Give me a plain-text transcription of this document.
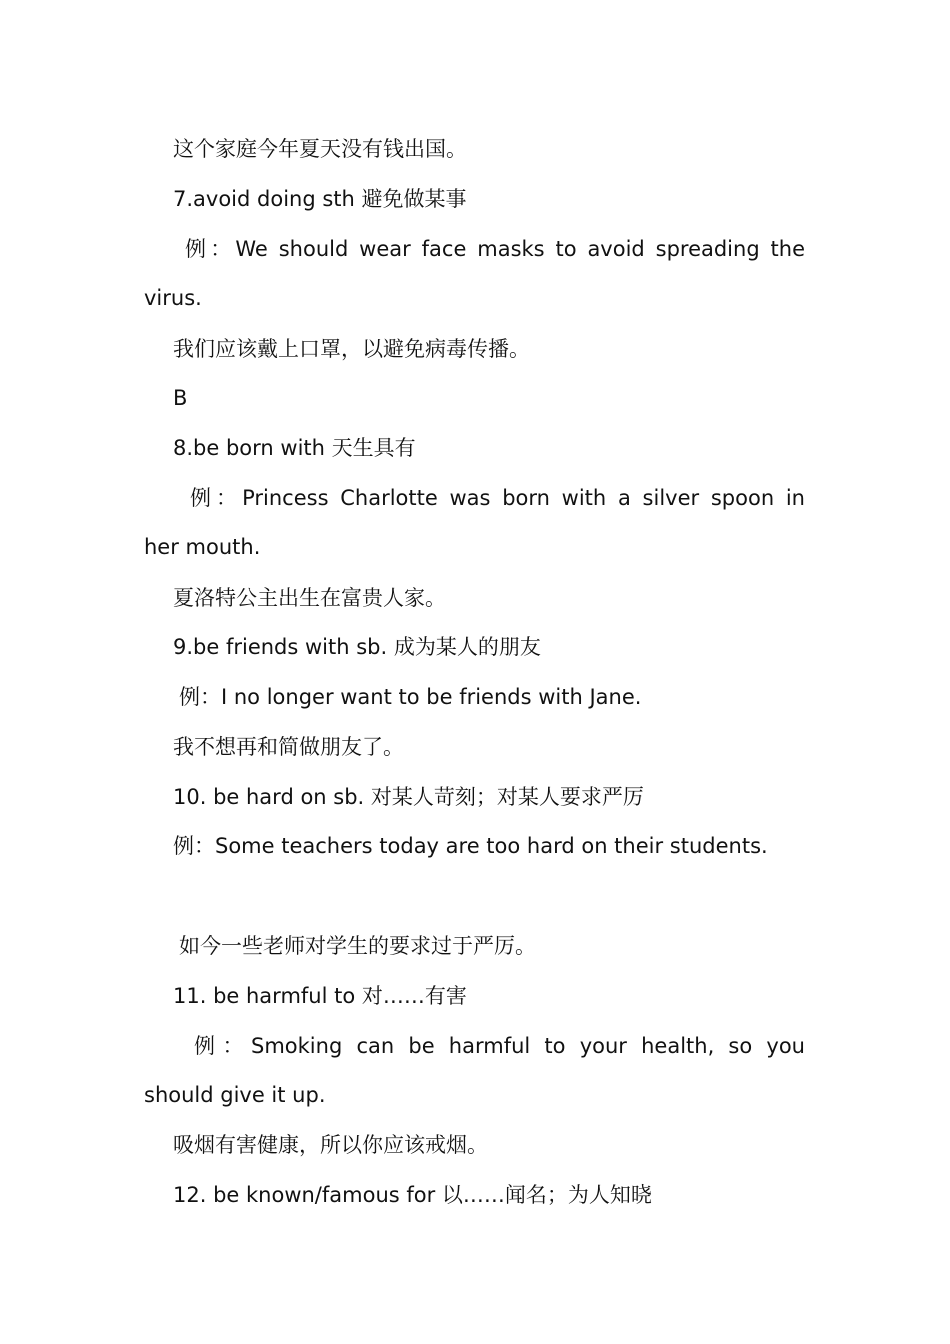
这个家庭今年夏天没有钱出国。
7.avoid doing sth 避免做某事
例：We should wear face masks to avoid spreading the
virus.
我们应该戴上口罩，以避免病毒传播。
B
8.be born with 天生具有
例：Princess Charlotte was born with a silver spoon in
her mouth.
夏洛特公主出生在富贵人家。
9.be friends with sb. 成为某人的朋友
例：I no longer want to be friends with Jane.
我不想再和简做朋友了。
10. be hard on sb. 对某人苛刻；对某人要求严厉
例：Some teachers today are too hard on their students.
如今一些老师对学生的要求过于严厉。
11. be harmful to 对……有害
例：Smoking can be harmful to your health, so you
should give it up.
吸烟有害健康，所以你应该戒烟。
12. be known/famous for 以……闻名；为人知晓
